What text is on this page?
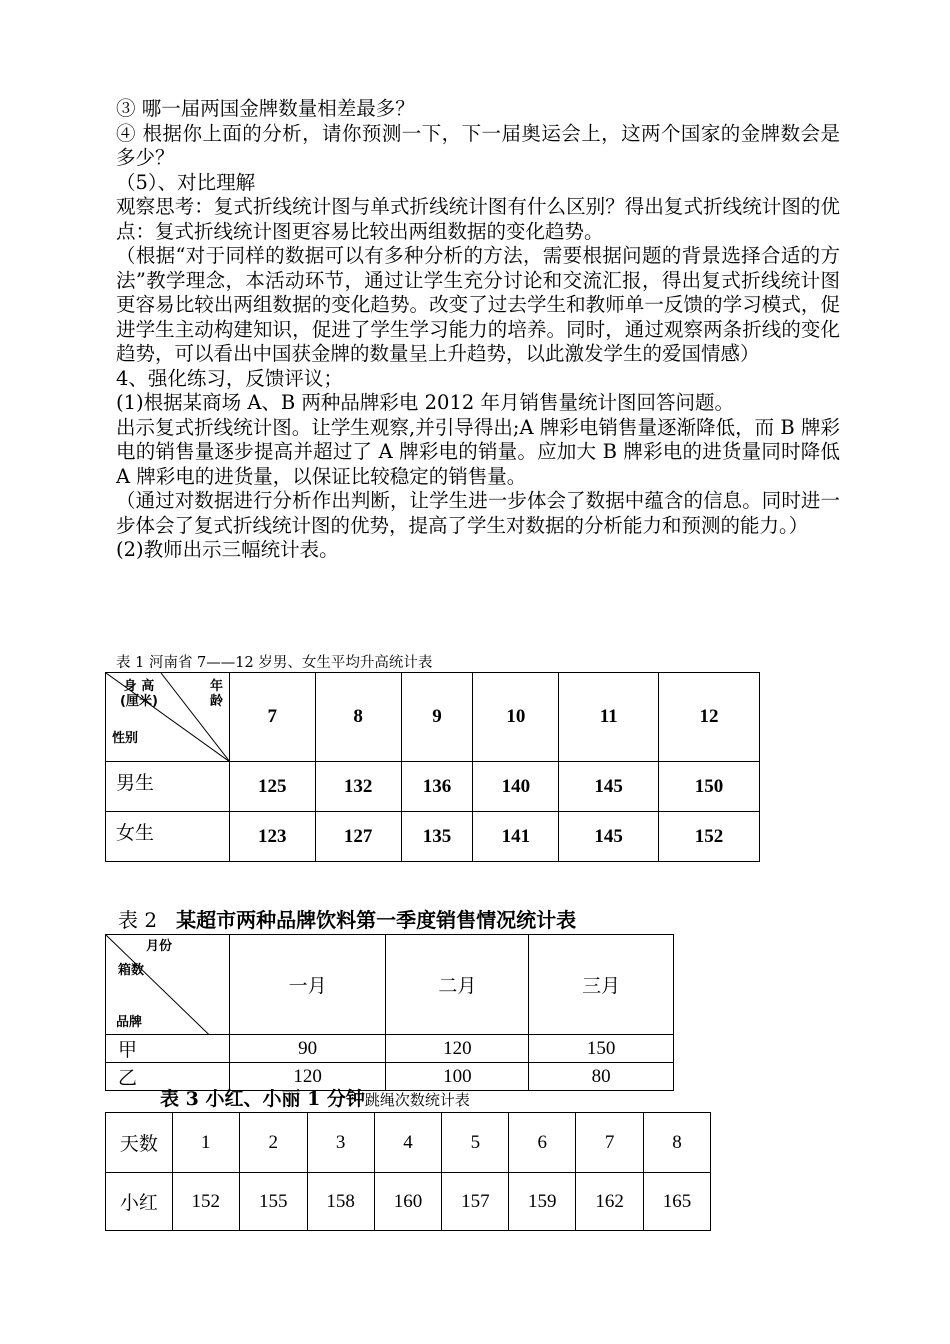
③ 哪一届两国金牌数量相差最多？

④ 根据你上面的分析，请你预测一下，下一届奥运会上，这两个国家的金牌数会是多少？

（5）、对比理解

观察思考：复式折线统计图与单式折线统计图有什么区别？得出复式折线统计图的优点：复式折线统计图更容易比较出两组数据的变化趋势。

（根据“对于同样的数据可以有多种分析的方法，需要根据问题的背景选择合适的方法”教学理念，本活动环节，通过让学生充分讨论和交流汇报，得出复式折线统计图更容易比较出两组数据的变化趋势。改变了过去学生和教师单一反馈的学习模式，促进学生主动构建知识，促进了学生学习能力的培养。同时，通过观察两条折线的变化趋势，可以看出中国获金牌的数量呈上升趋势，以此激发学生的爱国情感）

4、强化练习，反馈评议；

(1)根据某商场 A、B 两种品牌彩电 2012 年月销售量统计图回答问题。

出示复式折线统计图。让学生观察,并引导得出;A 牌彩电销售量逐渐降低，而 B 牌彩电的销售量逐步提高并超过了 A 牌彩电的销量。应加大 B 牌彩电的进货量同时降低 A 牌彩电的进货量，以保证比较稳定的销售量。

（通过对数据进行分析作出判断，让学生进一步体会了数据中蕴含的信息。同时进一步体会了复式折线统计图的优势，提高了学生对数据的分析能力和预测的能力。）

(2)教师出示三幅统计表。

表 1 河南省 7——12 岁男、女生平均升高统计表

身 高
(厘米)
年
龄
性别	7	8	9	10	11	12
男生	125	132	136	140	145	150
女生	123	127	135	141	145	152
表 2 某超市两种品牌饮料第一季度销售情况统计表
月份
箱数
品牌	一月	二月	三月
甲	90	120	150
乙	120	100	80
表 3 小红、小丽 1 分钟跳绳次数统计表
天数	1	2	3	4	5	6	7	8
小红	152	155	158	160	157	159	162	165
